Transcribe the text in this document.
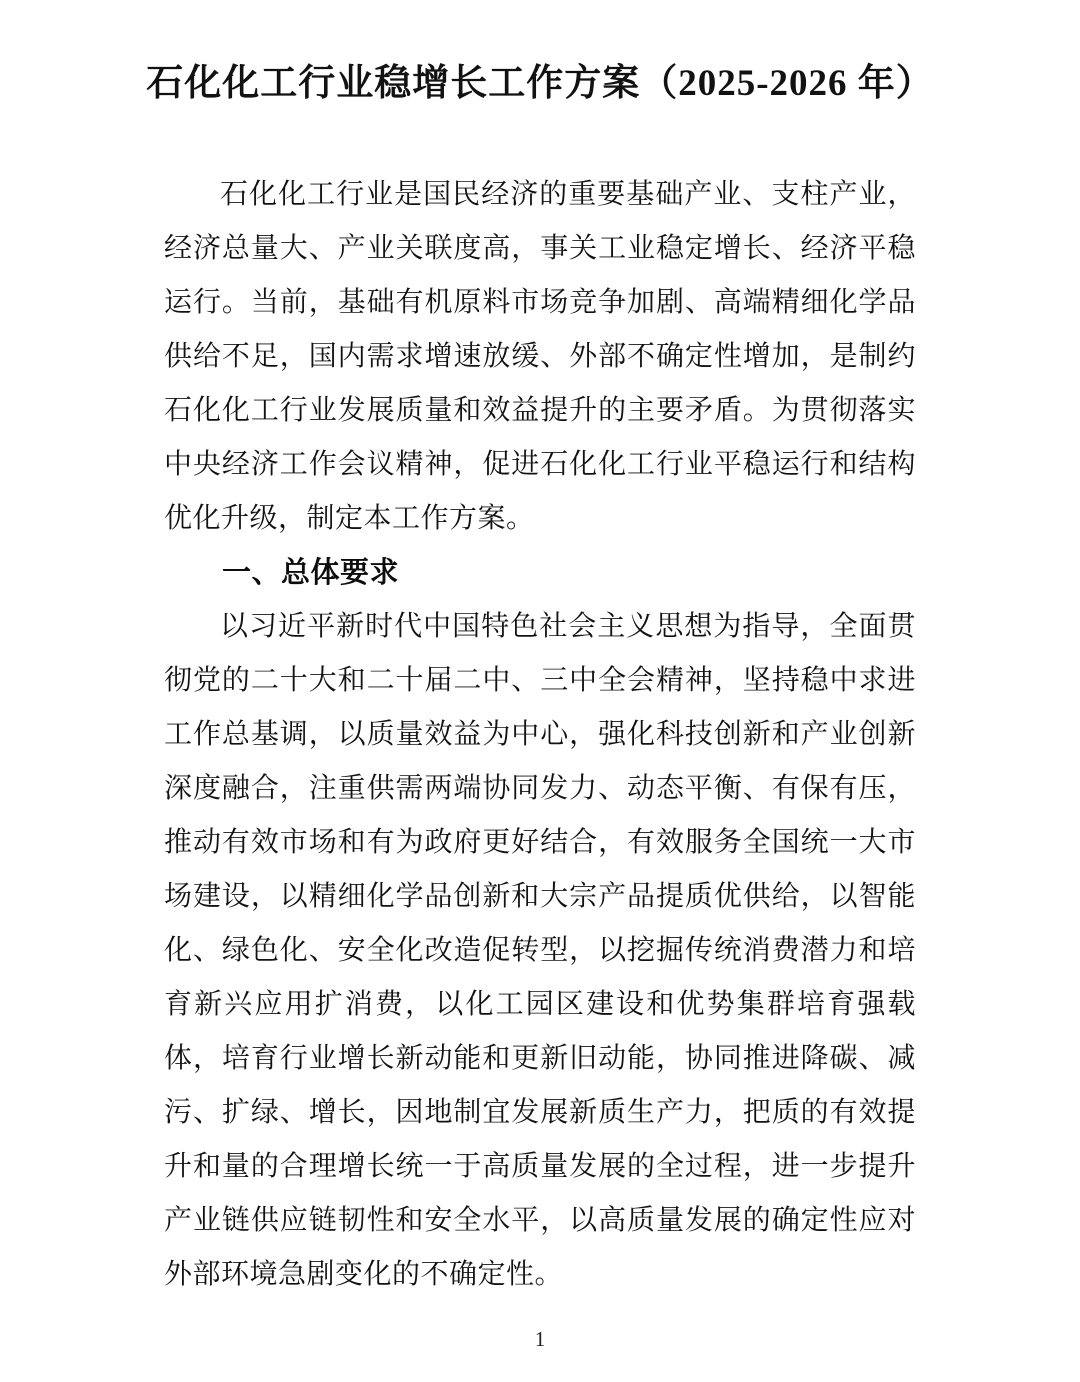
石化化工行业稳增长工作方案（2025-2026 年）
石化化工行业是国民经济的重要基础产业、支柱产业，
经济总量大、产业关联度高，事关工业稳定增长、经济平稳
运行。当前，基础有机原料市场竞争加剧、高端精细化学品
供给不足，国内需求增速放缓、外部不确定性增加，是制约
石化化工行业发展质量和效益提升的主要矛盾。为贯彻落实
中央经济工作会议精神，促进石化化工行业平稳运行和结构
优化升级，制定本工作方案。
一、总体要求
以习近平新时代中国特色社会主义思想为指导，全面贯
彻党的二十大和二十届二中、三中全会精神，坚持稳中求进
工作总基调，以质量效益为中心，强化科技创新和产业创新
深度融合，注重供需两端协同发力、动态平衡、有保有压，
推动有效市场和有为政府更好结合，有效服务全国统一大市
场建设，以精细化学品创新和大宗产品提质优供给，以智能
化、绿色化、安全化改造促转型，以挖掘传统消费潜力和培
育新兴应用扩消费，以化工园区建设和优势集群培育强载
体，培育行业增长新动能和更新旧动能，协同推进降碳、减
污、扩绿、增长，因地制宜发展新质生产力，把质的有效提
升和量的合理增长统一于高质量发展的全过程，进一步提升
产业链供应链韧性和安全水平，以高质量发展的确定性应对
外部环境急剧变化的不确定性。
1
